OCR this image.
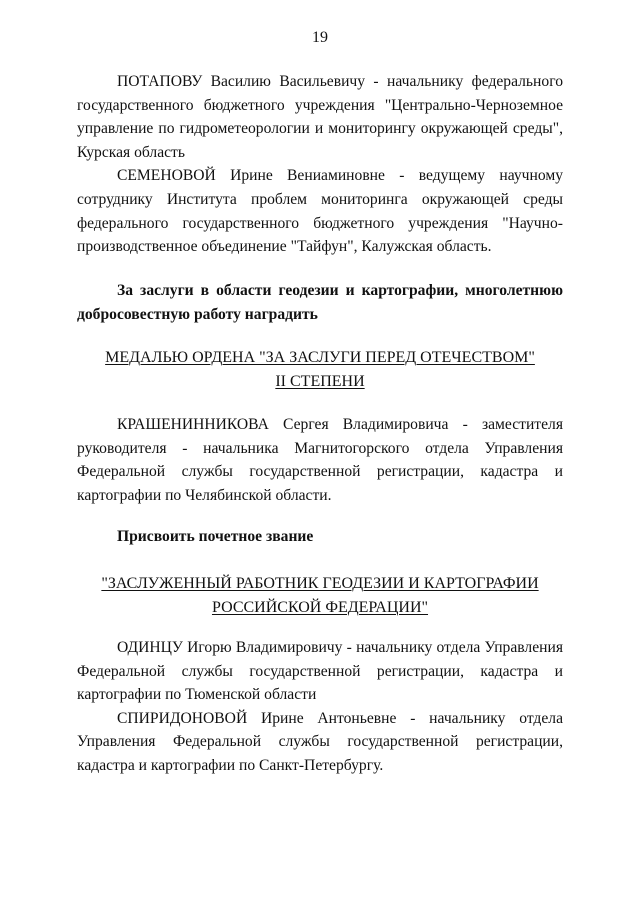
19

ПОТАПОВУ Василию Васильевичу - начальнику федерального государственного бюджетного учреждения "Центрально-Черноземное управление по гидрометеорологии и мониторингу окружающей среды", Курская область

СЕМЕНОВОЙ Ирине Вениаминовне - ведущему научному сотруднику Института проблем мониторинга окружающей среды федерального государственного бюджетного учреждения "Научно-производственное объединение "Тайфун", Калужская область.

За заслуги в области геодезии и картографии, многолетнюю добросовестную работу наградить

МЕДАЛЬЮ ОРДЕНА "ЗА ЗАСЛУГИ ПЕРЕД ОТЕЧЕСТВОМ"
II СТЕПЕНИ

КРАШЕНИННИКОВА Сергея Владимировича - заместителя руководителя - начальника Магнитогорского отдела Управления Федеральной службы государственной регистрации, кадастра и картографии по Челябинской области.

Присвоить почетное звание

"ЗАСЛУЖЕННЫЙ РАБОТНИК ГЕОДЕЗИИ И КАРТОГРАФИИ
РОССИЙСКОЙ ФЕДЕРАЦИИ"

ОДИНЦУ Игорю Владимировичу - начальнику отдела Управления Федеральной службы государственной регистрации, кадастра и картографии по Тюменской области

СПИРИДОНОВОЙ Ирине Антоньевне - начальнику отдела Управления Федеральной службы государственной регистрации, кадастра и картографии по Санкт-Петербургу.
